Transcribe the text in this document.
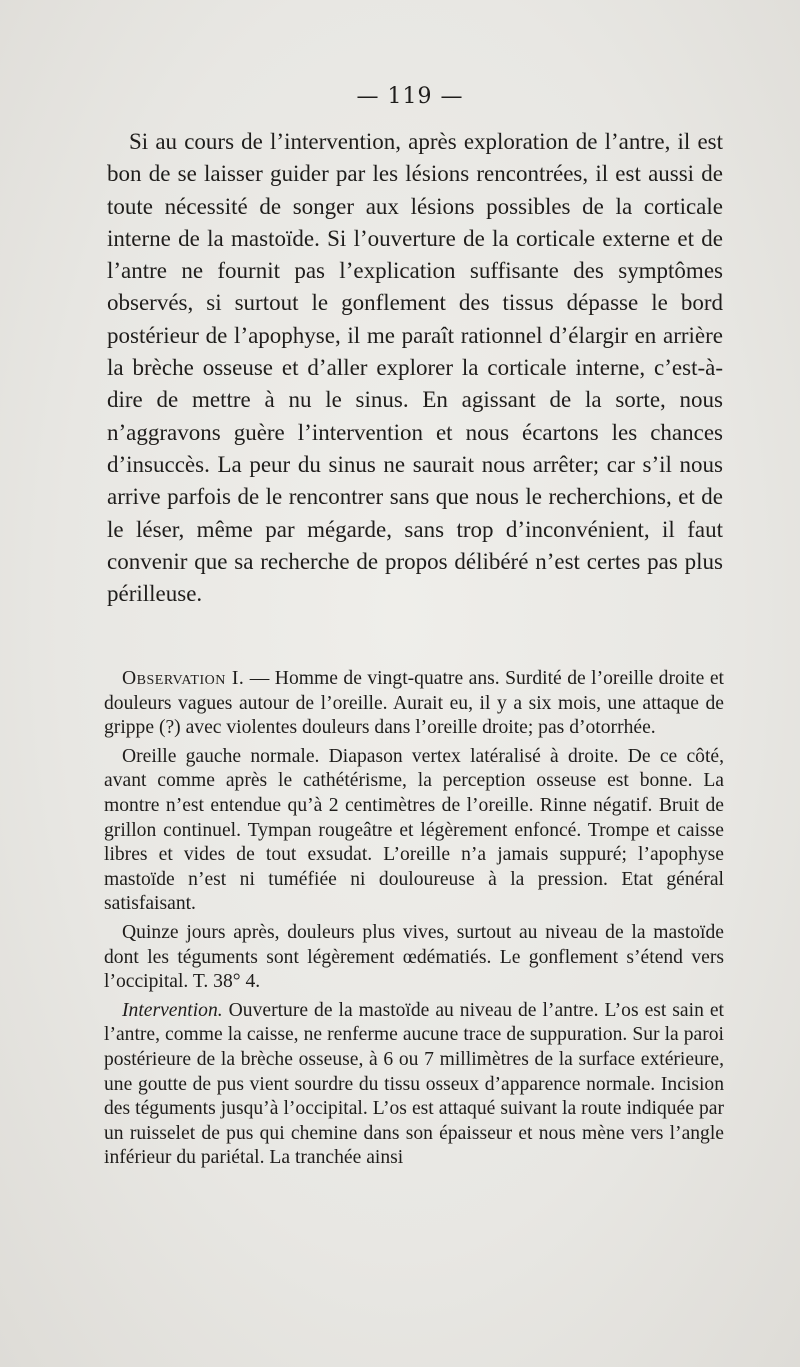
— 119 —

Si au cours de l’intervention, après exploration de l’antre, il est bon de se laisser guider par les lésions rencontrées, il est aussi de toute nécessité de songer aux lésions possibles de la corticale interne de la mastoïde. Si l’ouverture de la corticale externe et de l’antre ne fournit pas l’explication suffisante des symptômes observés, si surtout le gonflement des tissus dépasse le bord postérieur de l’apophyse, il me paraît rationnel d’élargir en arrière la brèche osseuse et d’aller explorer la corticale interne, c’est-à-dire de mettre à nu le sinus. En agissant de la sorte, nous n’aggravons guère l’intervention et nous écartons les chances d’insuccès. La peur du sinus ne saurait nous arrêter; car s’il nous arrive parfois de le rencontrer sans que nous le recherchions, et de le léser, même par mégarde, sans trop d’inconvénient, il faut convenir que sa recherche de propos délibéré n’est certes pas plus périlleuse.

Observation I. — Homme de vingt-quatre ans. Surdité de l’oreille droite et douleurs vagues autour de l’oreille. Aurait eu, il y a six mois, une attaque de grippe (?) avec violentes douleurs dans l’oreille droite; pas d’otorrhée.

Oreille gauche normale. Diapason vertex latéralisé à droite. De ce côté, avant comme après le cathétérisme, la perception osseuse est bonne. La montre n’est entendue qu’à 2 centimètres de l’oreille. Rinne négatif. Bruit de grillon continuel. Tympan rougeâtre et légèrement enfoncé. Trompe et caisse libres et vides de tout exsudat. L’oreille n’a jamais suppuré; l’apophyse mastoïde n’est ni tuméfiée ni douloureuse à la pression. Etat général satisfaisant.

Quinze jours après, douleurs plus vives, surtout au niveau de la mastoïde dont les téguments sont légèrement œdématiés. Le gonflement s’étend vers l’occipital. T. 38° 4.

Intervention. Ouverture de la mastoïde au niveau de l’antre. L’os est sain et l’antre, comme la caisse, ne renferme aucune trace de suppuration. Sur la paroi postérieure de la brèche osseuse, à 6 ou 7 millimètres de la surface extérieure, une goutte de pus vient sourdre du tissu osseux d’apparence normale. Incision des téguments jusqu’à l’occipital. L’os est attaqué suivant la route indiquée par un ruisselet de pus qui chemine dans son épaisseur et nous mène vers l’angle inférieur du pariétal. La tranchée ainsi
